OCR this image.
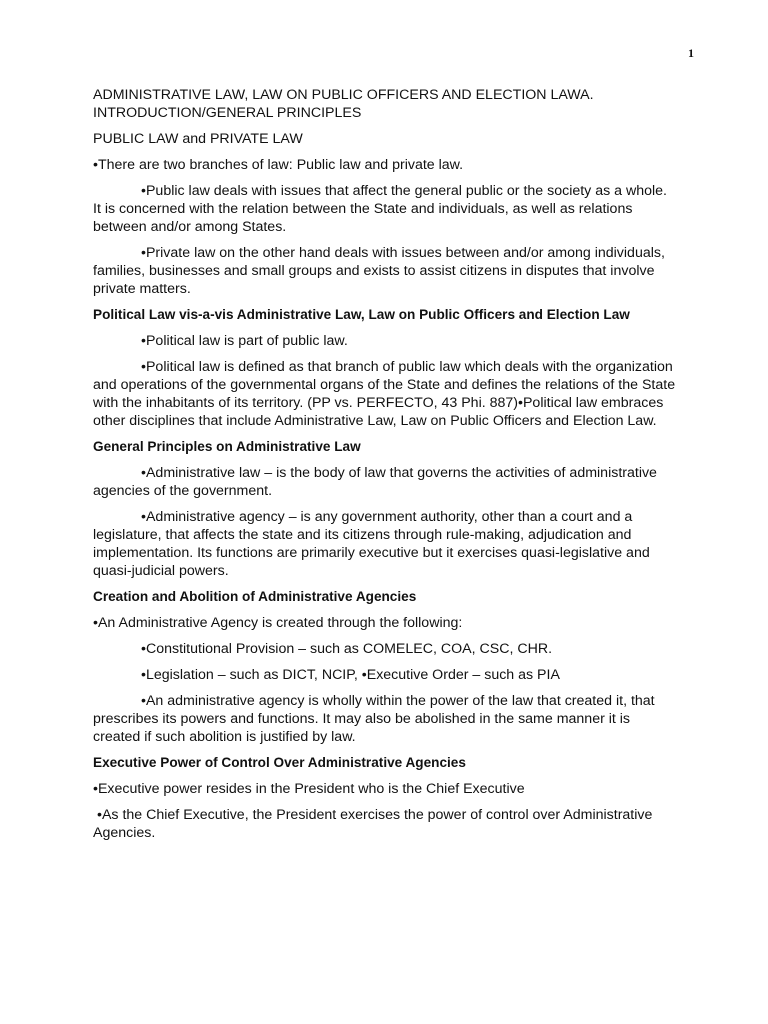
1

ADMINISTRATIVE LAW, LAW ON PUBLIC OFFICERS AND ELECTION LAWA. INTRODUCTION/GENERAL PRINCIPLES

PUBLIC LAW and PRIVATE LAW

•There are two branches of law: Public law and private law.

•Public law deals with issues that affect the general public or the society as a whole. It is concerned with the relation between the State and individuals, as well as relations between and/or among States.

•Private law on the other hand deals with issues between and/or among individuals, families, businesses and small groups and exists to assist citizens in disputes that involve private matters.

Political Law vis-a-vis Administrative Law, Law on Public Officers and Election Law

•Political law is part of public law.

•Political law is defined as that branch of public law which deals with the organization and operations of the governmental organs of the State and defines the relations of the State with the inhabitants of its territory. (PP vs. PERFECTO, 43 Phi. 887)•Political law embraces other disciplines that include Administrative Law, Law on Public Officers and Election Law.

General Principles on Administrative Law

•Administrative law – is the body of law that governs the activities of administrative agencies of the government.

•Administrative agency – is any government authority, other than a court and a legislature, that affects the state and its citizens through rule-making, adjudication and implementation. Its functions are primarily executive but it exercises quasi-legislative and quasi-judicial powers.

Creation and Abolition of Administrative Agencies

•An Administrative Agency is created through the following:

•Constitutional Provision – such as COMELEC, COA, CSC, CHR.

•Legislation – such as DICT, NCIP, •Executive Order – such as PIA

•An administrative agency is wholly within the power of the law that created it, that prescribes its powers and functions. It may also be abolished in the same manner it is created if such abolition is justified by law.

Executive Power of Control Over Administrative Agencies

•Executive power resides in the President who is the Chief Executive

•As the Chief Executive, the President exercises the power of control over Administrative Agencies.
